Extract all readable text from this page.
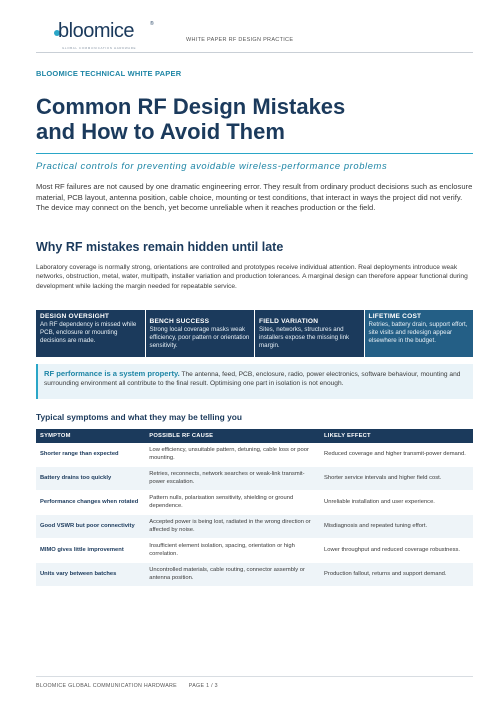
bloomice	®
GLOBAL COMMUNICATION HARDWARE
WHITE PAPER RF DESIGN PRACTICE
BLOOMICE TECHNICAL WHITE PAPER
Common RF Design Mistakes
and How to Avoid Them
Practical controls for preventing avoidable wireless-performance problems

Most RF failures are not caused by one dramatic engineering error. They result from ordinary product decisions such as enclosure material, PCB layout, antenna position, cable choice, mounting or test conditions, that interact in ways the project did not verify. The device may connect on the bench, yet become unreliable when it reaches production or the field.

Why RF mistakes remain hidden until late

Laboratory coverage is normally strong, orientations are controlled and prototypes receive individual attention. Real deployments introduce weak networks, obstruction, metal, water, multipath, installer variation and production tolerances. A marginal design can therefore appear functional during development while lacking the margin needed for repeatable service.

DESIGN OVERSIGHT
An RF dependency is missed while PCB, enclosure or mounting decisions are made.
BENCH SUCCESS
Strong local coverage masks weak efficiency, poor pattern or orientation sensitivity.
FIELD VARIATION
Sites, networks, structures and installers expose the missing link margin.
LIFETIME COST
Retries, battery drain, support effort, site visits and redesign appear elsewhere in the budget.
RF performance is a system property. The antenna, feed, PCB, enclosure, radio, power electronics, software behaviour, mounting and surrounding environment all contribute to the final result. Optimising one part in isolation is not enough.
Typical symptoms and what they may be telling you
SYMPTOM	POSSIBLE RF CAUSE	LIKELY EFFECT
Shorter range than expected	Low efficiency, unsuitable pattern, detuning, cable loss or poor mounting.	Reduced coverage and higher transmit-power demand.
Battery drains too quickly	Retries, reconnects, network searches or weak-link transmit-power escalation.	Shorter service intervals and higher field cost.
Performance changes when rotated	Pattern nulls, polarisation sensitivity, shielding or ground dependence.	Unreliable installation and user experience.
Good VSWR but poor connectivity	Accepted power is being lost, radiated in the wrong direction or affected by noise.	Misdiagnosis and repeated tuning effort.
MIMO gives little improvement	Insufficient element isolation, spacing, orientation or high correlation.	Lower throughput and reduced coverage robustness.
Units vary between batches	Uncontrolled materials, cable routing, connector assembly or antenna position.	Production fallout, returns and support demand.
BLOOMICE GLOBAL COMMUNICATION HARDWARE PAGE 1 / 3
